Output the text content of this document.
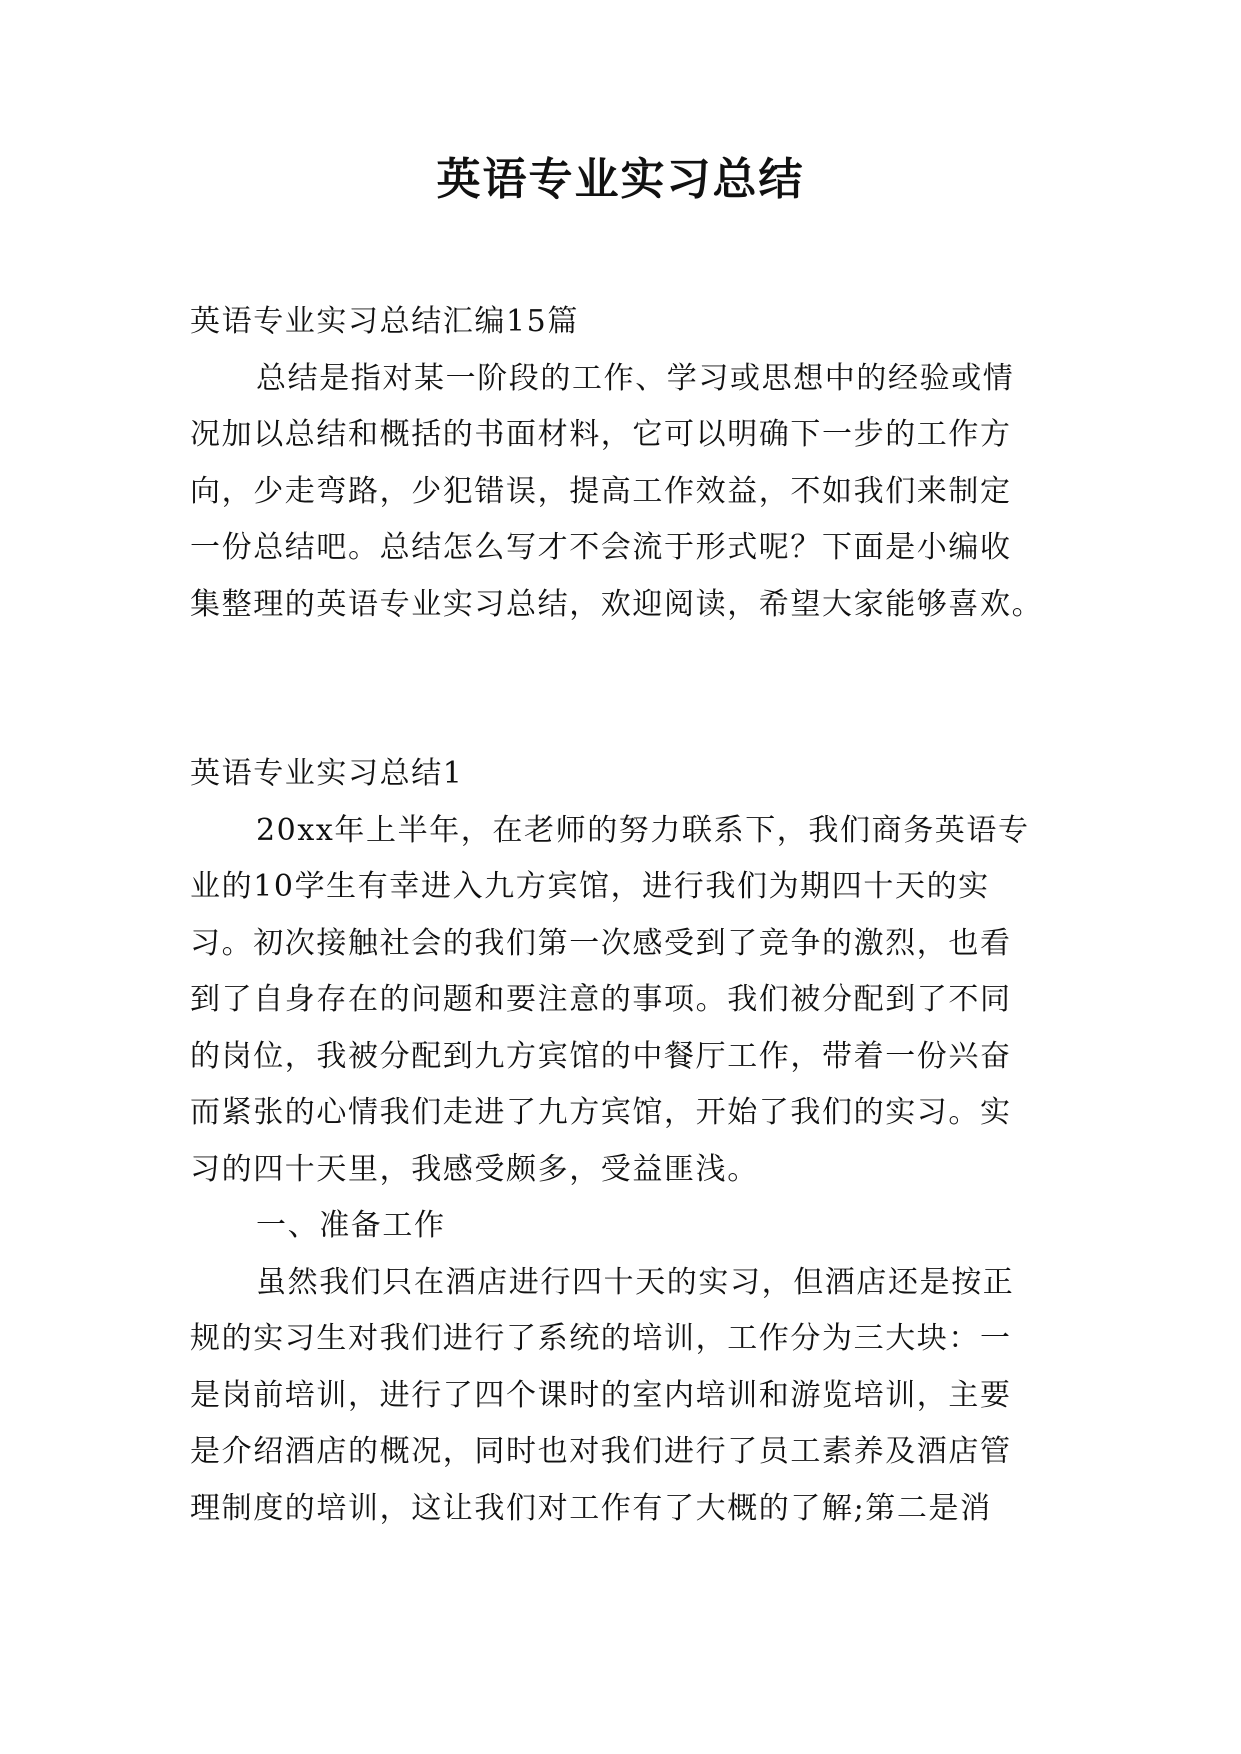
英语专业实习总结
英语专业实习总结汇编15篇
总结是指对某一阶段的工作、学习或思想中的经验或情
况加以总结和概括的书面材料，它可以明确下一步的工作方
向，少走弯路，少犯错误，提高工作效益，不如我们来制定
一份总结吧。总结怎么写才不会流于形式呢？下面是小编收
集整理的英语专业实习总结，欢迎阅读，希望大家能够喜欢。
英语专业实习总结1
20xx年上半年，在老师的努力联系下，我们商务英语专
业的10学生有幸进入九方宾馆，进行我们为期四十天的实
习。初次接触社会的我们第一次感受到了竞争的激烈，也看
到了自身存在的问题和要注意的事项。我们被分配到了不同
的岗位，我被分配到九方宾馆的中餐厅工作，带着一份兴奋
而紧张的心情我们走进了九方宾馆，开始了我们的实习。实
习的四十天里，我感受颇多，受益匪浅。
一、准备工作
虽然我们只在酒店进行四十天的实习，但酒店还是按正
规的实习生对我们进行了系统的培训，工作分为三大块：一
是岗前培训，进行了四个课时的室内培训和游览培训，主要
是介绍酒店的概况，同时也对我们进行了员工素养及酒店管
理制度的培训，这让我们对工作有了大概的了解;第二是消
